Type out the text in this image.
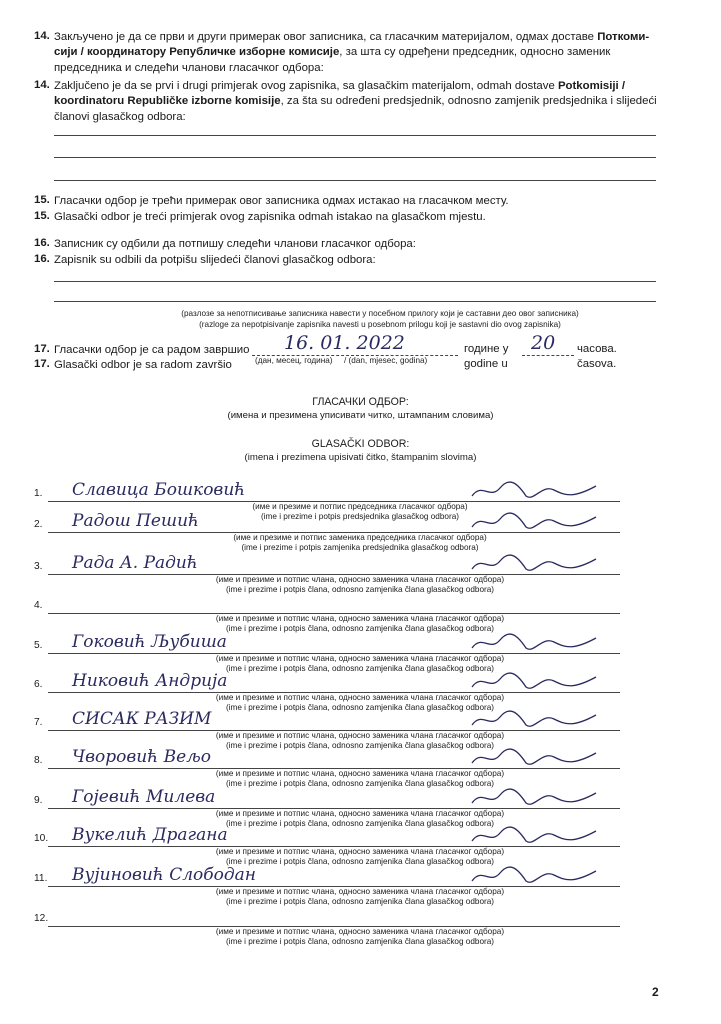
14. Закључено је да се први и други примерак овог записника, са гласачким материјалом, одмах доставе Поткоми-сији / координатору Републичке изборне комисије, за шта су одређени председник, односно заменик председника и следећи чланови гласачког одбора:
14. Zaključeno je da se prvi i drugi primjerak ovog zapisnika, sa glasačkim materijalom, odmah dostave Potkomisiji / koordinatoru Republičke izborne komisije, za šta su određeni predsjednik, odnosno zamjenik predsjednika i slijedeći članovi glasačkog odbora:
15. Гласачки одбор је трећи примерак овог записника одмах истакао на гласачком месту.
15. Glasački odbor je treći primjerak ovog zapisnika odmah istakao na glasačkom mjestu.
16. Записник су одбили да потпишу следећи чланови гласачког одбора:
16. Zapisnik su odbili da potpišu slijedeći članovi glasačkog odbora:
(разлозе за непотписивање записника навести у посебном прилогу који је саставни део овог записника)
(razloge za nepotpisivanje zapisnika navesti u posebnom prilogu koji je sastavni dio ovog zapisnika)
17. Гласачки одбор је са радом завршио
17. Glasački odbor je sa radom završio
16. 01. 2022
(дан, месец, година)	/ (dan, mjesec, godina)
године у
godine u
20 часова.
časova.
ГЛАСАЧКИ ОДБОР:
(имена и презимена уписивати читко, штампаним словима)
GLASAČKI ODBOR:
(imena i prezimena upisivati čitko, štampanim slovima)
1. Славица Бошковић
(име и презиме и потпис председника гласачког одбора)
(ime i prezime i potpis predsjednika glasačkog odbora)
2. Радош Пешић
(име и презиме и потпис заменика председника гласачког одбора)
(ime i prezime i potpis zamjenika predsjednika glasačkog odbora)
3. Рада А. Радић
(име и презиме и потпис члана, односно заменика члана гласачког одбора)
(ime i prezime i potpis člana, odnosno zamjenika člana glasačkog odbora)
4.
(име и презиме и потпис члана, односно заменика члана гласачког одбора)
(ime i prezime i potpis člana, odnosno zamjenika člana glasačkog odbora)
5. Гоковић Љубиша
(име и презиме и потпис члана, односно заменика члана гласачког одбора)
(ime i prezime i potpis člana, odnosno zamjenika člana glasačkog odbora)
6. Никовић Андрија
(име и презиме и потпис члана, односно заменика члана гласачког одбора)
(ime i prezime i potpis člana, odnosno zamjenika člana glasačkog odbora)
7. СИСАК РАЗИМ
(име и презиме и потпис члана, односно заменика члана гласачког одбора)
(ime i prezime i potpis člana, odnosno zamjenika člana glasačkog odbora)
8. Чворовић Вељо
(име и презиме и потпис члана, односно заменика члана гласачког одбора)
(ime i prezime i potpis člana, odnosno zamjenika člana glasačkog odbora)
9. Гојевић Милева
(име и презиме и потпис члана, односно заменика члана гласачког одбора)
(ime i prezime i potpis člana, odnosno zamjenika člana glasačkog odbora)
10. Вукелић Драгана
(име и презиме и потпис члана, односно заменика члана гласачког одбора)
(ime i prezime i potpis člana, odnosno zamjenika člana glasačkog odbora)
11. Вујиновић Слободан
(име и презиме и потпис члана, односно заменика члана гласачког одбора)
(ime i prezime i potpis člana, odnosno zamjenika člana glasačkog odbora)
12.
(име и презиме и потпис члана, односно заменика члана гласачког одбора)
(ime i prezime i potpis člana, odnosno zamjenika člana glasačkog odbora)
2
